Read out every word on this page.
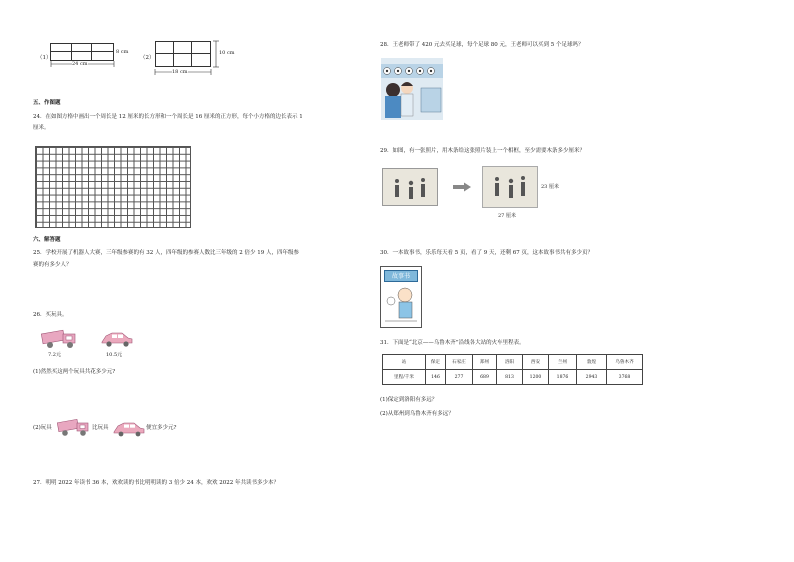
（1）
24 cm
8 cm
（2）
18 cm
10 cm
五、作图题
24．在如图方格中画出一个周长是 12 厘米的长方形和一个周长是 16 厘米的正方形，每个小方格的边长表示 1
厘米。
六、解答题
25．学校开展了机器人大赛，三年级参赛的有 32 人，四年级的参赛人数比三年级的 2 倍少 19 人，四年级参
赛的有多少人？
26．买玩具。
7.2元	10.5元
(1)然然买这两个玩具共花多少元?
(2)玩具	比玩具	便宜多少元?
27．明明 2022 年读书 36 本，欢欢读的书比明明读的 3 倍少 24 本，欢欢 2022 年共读书多少本？
28．王老师带了 420 元去买足球，每个足球 80 元，王老师可以买到 5 个足球吗？
29．如图，有一张照片，用木条给这张照片装上一个相框，至少需要木条多少厘米？
23 厘米
27 厘米
30．一本故事书，乐乐每天看 5 页，看了 9 天，还剩 67 页，这本故事书共有多少页？
故事书
31．下面是“北京——乌鲁木齐”沿线各大站的火车里程表。
站	保定	石家庄	郑州	洛阳	西安	兰州	敦煌	乌鲁木齐
里程/千米	146	277	689	813	1200	1876	2943	3768
(1)保定到洛阳有多远？
(2)从郑州到乌鲁木齐有多远？
